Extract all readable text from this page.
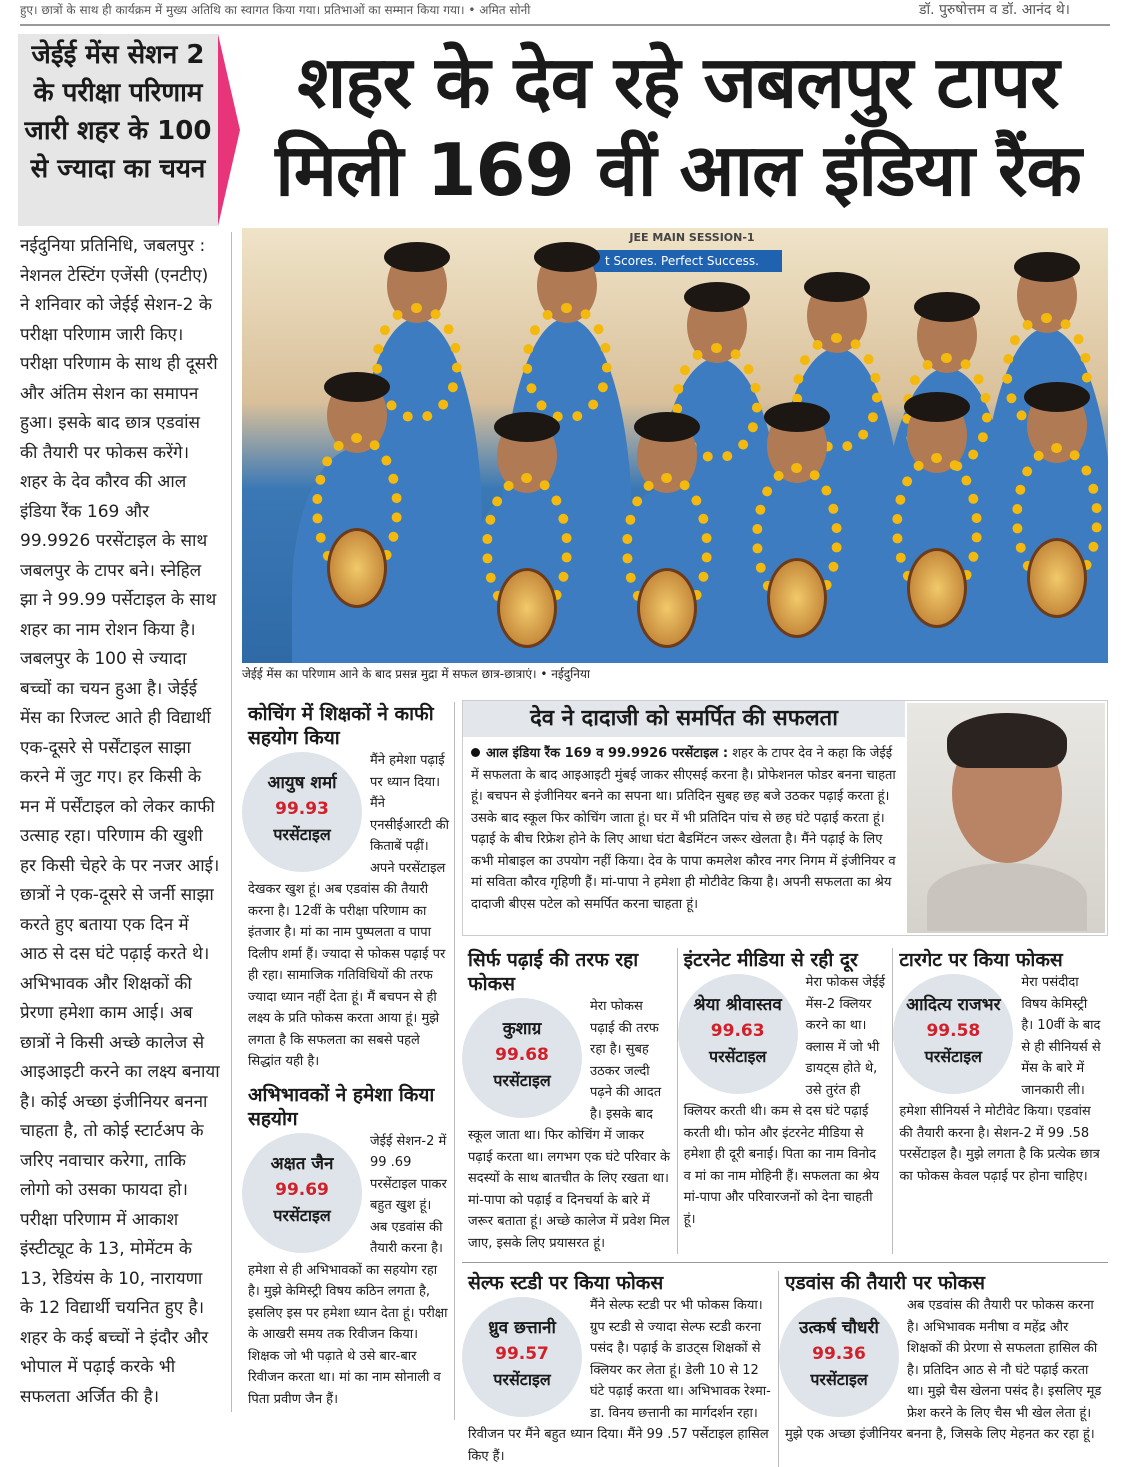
हुए। छात्रों के साथ ही कार्यक्रम में मुख्य अतिथि का स्वागत किया गया। प्रतिभाओं का सम्मान किया गया। • अमित सोनी	डॉ. पुरुषोत्तम व डॉ. आनंद थे।
जेईई मेंस सेशन 2 के परीक्षा परिणाम जारी शहर के 100 से ज्यादा का चयन
शहर के देव रहे जबलपुर टापर
मिली 169 वीं आल इंडिया रैंक
नईदुनिया प्रतिनिधि, जबलपुर : नेशनल टेस्टिंग एजेंसी (एनटीए) ने शनिवार को जेईई सेशन-2 के परीक्षा परिणाम जारी किए। परीक्षा परिणाम के साथ ही दूसरी और अंतिम सेशन का समापन हुआ। इसके बाद छात्र एडवांस की तैयारी पर फोकस करेंगे। शहर के देव कौरव की आल इंडिया रैंक 169 और 99.9926 परसेंटाइल के साथ जबलपुर के टापर बने। स्नेहिल झा ने 99.99 पर्सेटाइल के साथ शहर का नाम रोशन किया है। जबलपुर के 100 से ज्यादा बच्चों का चयन हुआ है। जेईई मेंस का रिजल्ट आते ही विद्यार्थी एक-दूसरे से पर्सेंटाइल साझा करने में जुट गए। हर किसी के मन में पर्सेंटाइल को लेकर काफी उत्साह रहा। परिणाम की खुशी हर किसी चेहरे के पर नजर आई। छात्रों ने एक-दूसरे से जर्नी साझा करते हुए बताया एक दिन में आठ से दस घंटे पढ़ाई करते थे। अभिभावक और शिक्षकों की प्रेरणा हमेशा काम आई। अब छात्रों ने किसी अच्छे कालेज से आइआइटी करने का लक्ष्य बनाया है। कोई अच्छा इंजीनियर बनना चाहता है, तो कोई स्टार्टअप के जरिए नवाचार करेगा, ताकि लोगो को उसका फायदा हो। परीक्षा परिणाम में आकाश इंस्टीट्यूट के 13, मोमेंटम के 13, रेडियंस के 10, नारायणा के 12 विद्यार्थी चयनित हुए है। शहर के कई बच्चों ने इंदौर और भोपाल में पढ़ाई करके भी सफलता अर्जित की है।
JEE MAIN SESSION-1
t Scores. Perfect Success.
जेईई मेंस का परिणाम आने के बाद प्रसन्न मुद्रा में सफल छात्र-छात्राएं। • नईदुनिया
कोचिंग में शिक्षकों ने काफी सहयोग किया
आयुष शर्मा
99.93
परसेंटाइल

मैंने हमेशा पढ़ाई पर ध्यान दिया। मैंने एनसीईआरटी की किताबें पढ़ीं। अपने परसेंटाइल देखकर खुश हूं। अब एडवांस की तैयारी करना है। 12वीं के परीक्षा परिणाम का इंतजार है। मां का नाम पुष्पलता व पापा दिलीप शर्मा हैं। ज्यादा से फोकस पढ़ाई पर ही रहा। सामाजिक गतिविधियों की तरफ ज्यादा ध्यान नहीं देता हूं। मैं बचपन से ही लक्ष्य के प्रति फोकस करता आया हूं। मुझे लगता है कि सफलता का सबसे पहले सिद्धांत यही है।

अभिभावकों ने हमेशा किया सहयोग
अक्षत जैन
99.69
परसेंटाइल

जेईई सेशन-2 में 99 .69 परसेंटाइल पाकर बहुत खुश हूं। अब एडवांस की तैयारी करना है। हमेशा से ही अभिभावकों का सहयोग रहा है। मुझे केमिस्ट्री विषय कठिन लगता है, इसलिए इस पर हमेशा ध्यान देता हूं। परीक्षा के आखरी समय तक रिवीजन किया। शिक्षक जो भी पढ़ाते थे उसे बार-बार रिवीजन करता था। मां का नाम सोनाली व पिता प्रवीण जैन हैं।

देव ने दादाजी को समर्पित की सफलता
आल इंडिया रैंक 169 व 99.9926 परसेंटाइल : शहर के टापर देव ने कहा कि जेईई में सफलता के बाद आइआइटी मुंबई जाकर सीएसई करना है। प्रोफेशनल फोडर बनना चाहता हूं। बचपन से इंजीनियर बनने का सपना था। प्रतिदिन सुबह छह बजे उठकर पढ़ाई करता हूं। उसके बाद स्कूल फिर कोचिंग जाता हूं। घर में भी प्रतिदिन पांच से छह घंटे पढ़ाई करता हूं। पढ़ाई के बीच रिफ्रेश होने के लिए आधा घंटा बैडमिंटन जरूर खेलता है। मैंने पढ़ाई के लिए कभी मोबाइल का उपयोग नहीं किया। देव के पापा कमलेश कौरव नगर निगम में इंजीनियर व मां सविता कौरव गृहिणी हैं। मां-पापा ने हमेशा ही मोटीवेट किया है। अपनी सफलता का श्रेय दादाजी बीएस पटेल को समर्पित करना चाहता हूं।
सिर्फ पढ़ाई की तरफ रहा फोकस
कुशाग्र
99.68
परसेंटाइल

मेरा फोकस पढ़ाई की तरफ रहा है। सुबह उठकर जल्दी पढ़ने की आदत है। इसके बाद स्कूल जाता था। फिर कोचिंग में जाकर पढ़ाई करता था। लगभग एक घंटे परिवार के सदस्यों के साथ बातचीत के लिए रखता था। मां-पापा को पढ़ाई व दिनचर्या के बारे में जरूर बताता हूं। अच्छे कालेज में प्रवेश मिल जाए, इसके लिए प्रयासरत हूं।

इंटरनेट मीडिया से रही दूर
श्रेया श्रीवास्तव
99.63
परसेंटाइल

मेरा फोकस जेईई मेंस-2 क्लियर करने का था। क्लास में जो भी डायट्स होते थे, उसे तुरंत ही क्लियर करती थी। कम से दस घंटे पढ़ाई करती थी। फोन और इंटरनेट मीडिया से हमेशा ही दूरी बनाई। पिता का नाम विनोद व मां का नाम मोहिनी हैं। सफलता का श्रेय मां-पापा और परिवारजनों को देना चाहती हूं।

टारगेट पर किया फोकस
आदित्य राजभर
99.58
परसेंटाइल

मेरा पसंदीदा विषय केमिस्ट्री है। 10वीं के बाद से ही सीनियर्स से मेंस के बारे में जानकारी ली। हमेशा सीनियर्स ने मोटीवेट किया। एडवांस की तैयारी करना है। सेशन-2 में 99 .58 परसेंटाइल है। मुझे लगता है कि प्रत्येक छात्र का फोकस केवल पढ़ाई पर होना चाहिए।

सेल्फ स्टडी पर किया फोकस
ध्रुव छत्तानी
99.57
परसेंटाइल

मैंने सेल्फ स्टडी पर भी फोकस किया। ग्रुप स्टडी से ज्यादा सेल्फ स्टडी करना पसंद है। पढ़ाई के डाउट्स शिक्षकों से क्लियर कर लेता हूं। डेली 10 से 12 घंटे पढ़ाई करता था। अभिभावक रेश्मा-डा. विनय छत्तानी का मार्गदर्शन रहा। रिवीजन पर मैंने बहुत ध्यान दिया। मैंने 99 .57 पर्सेटाइल हासिल किए हैं।

एडवांस की तैयारी पर फोकस
उत्कर्ष चौधरी
99.36
परसेंटाइल

अब एडवांस की तैयारी पर फोकस करना है। अभिभावक मनीषा व महेंद्र और शिक्षकों की प्रेरणा से सफलता हासिल की है। प्रतिदिन आठ से नौ घंटे पढ़ाई करता था। मुझे चैस खेलना पसंद है। इसलिए मूड फ्रेश करने के लिए चैस भी खेल लेता हूं। मुझे एक अच्छा इंजीनियर बनना है, जिसके लिए मेहनत कर रहा हूं।
